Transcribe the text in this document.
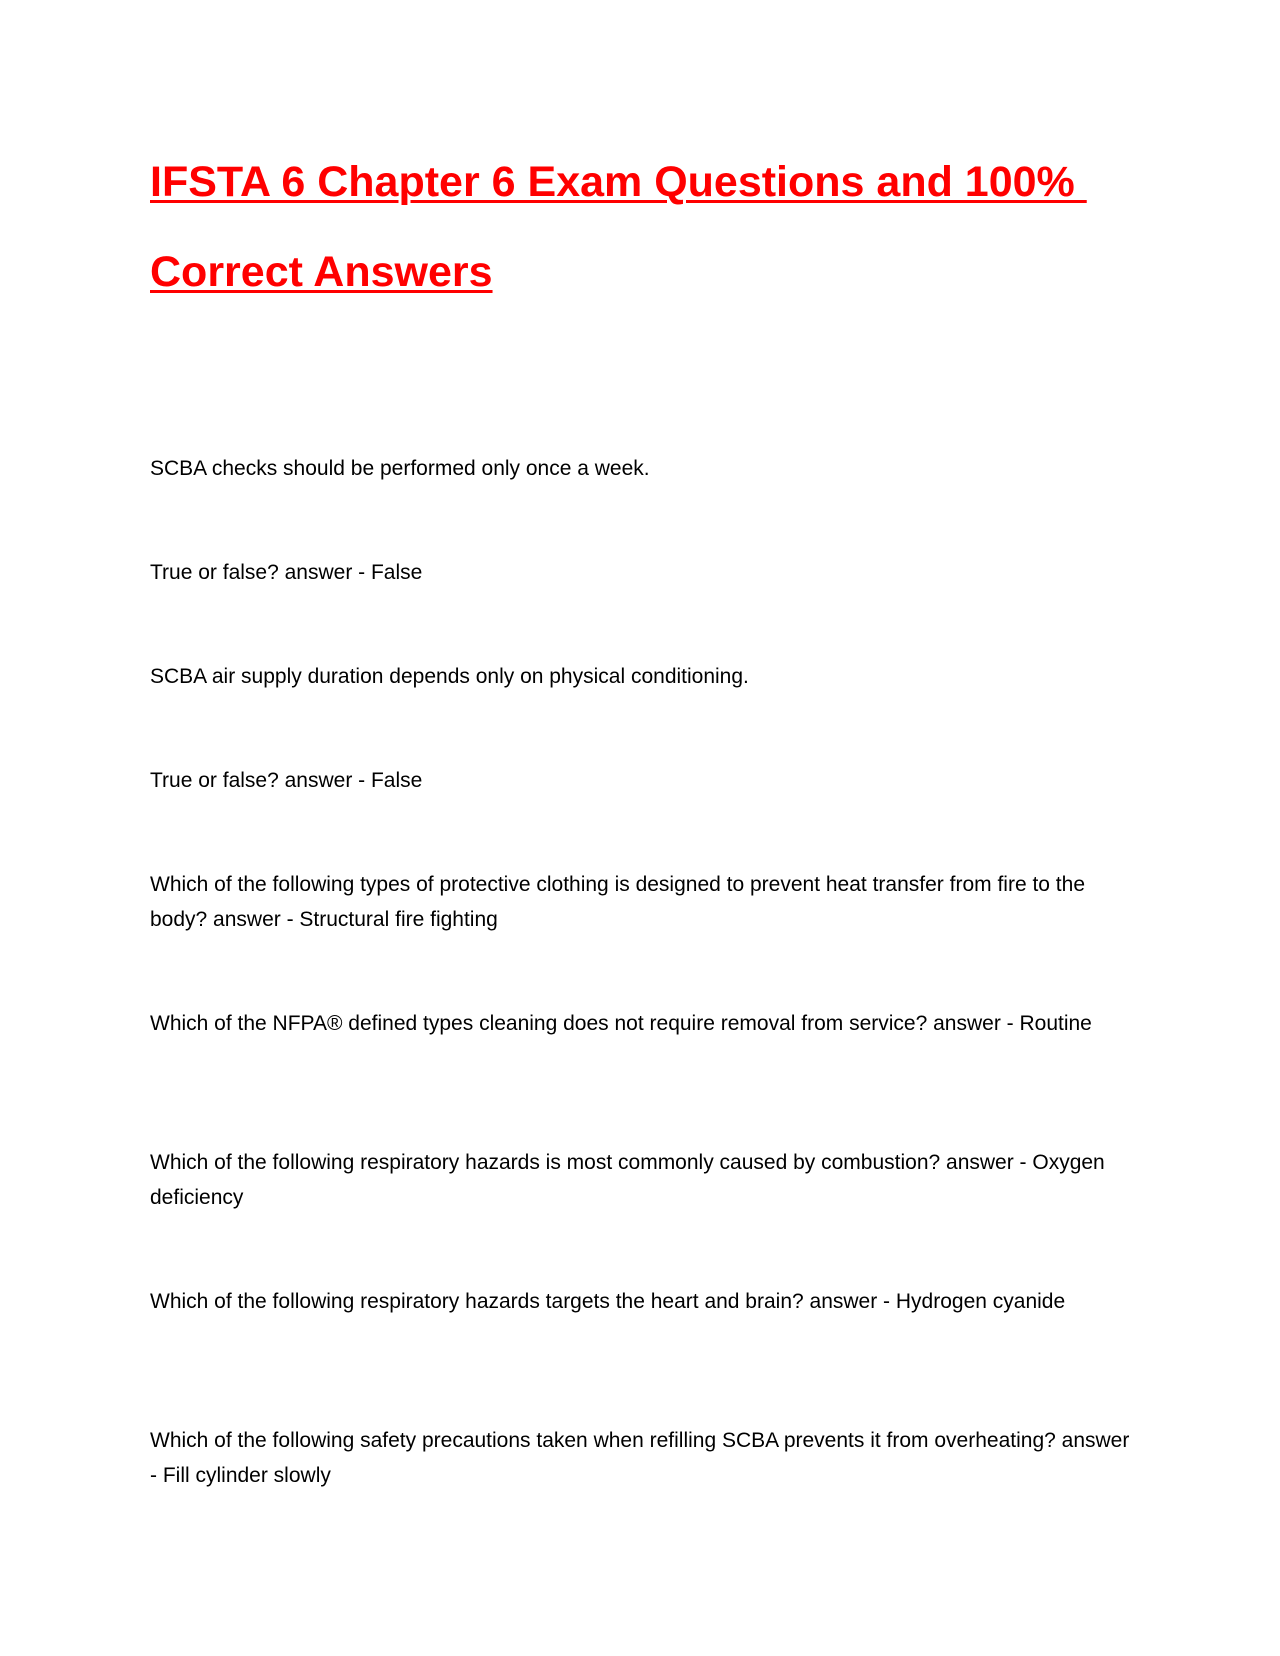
IFSTA 6 Chapter 6 Exam Questions and 100%
Correct Answers

SCBA checks should be performed only once a week.

True or false? answer - False

SCBA air supply duration depends only on physical conditioning.

True or false? answer - False

Which of the following types of protective clothing is designed to prevent heat transfer from fire to the body? answer - Structural fire fighting

Which of the NFPA® defined types cleaning does not require removal from service? answer - Routine

Which of the following respiratory hazards is most commonly caused by combustion? answer - Oxygen deficiency

Which of the following respiratory hazards targets the heart and brain? answer - Hydrogen cyanide

Which of the following safety precautions taken when refilling SCBA prevents it from overheating? answer - Fill cylinder slowly
